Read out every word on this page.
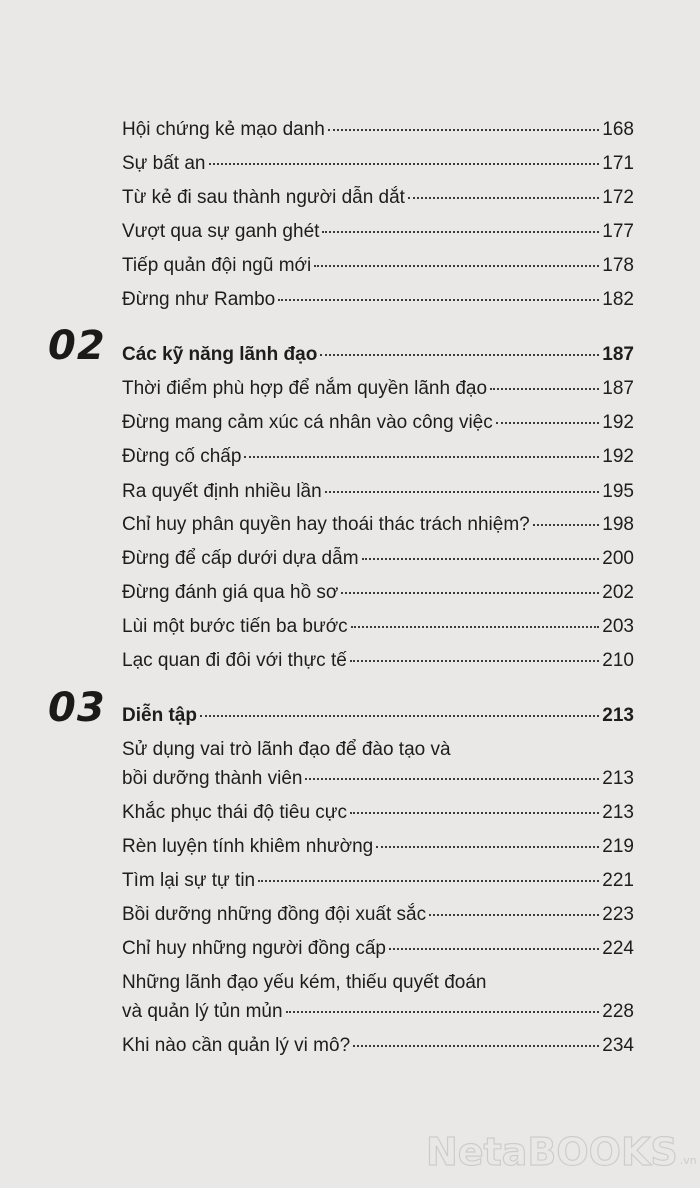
Hội chứng kẻ mạo danh	168
Sự bất an	171
Từ kẻ đi sau thành người dẫn dắt	172
Vượt qua sự ganh ghét	177
Tiếp quản đội ngũ mới	178
Đừng như Rambo	182
02 Các kỹ năng lãnh đạo	187
Thời điểm phù hợp để nắm quyền lãnh đạo	187
Đừng mang cảm xúc cá nhân vào công việc	192
Đừng cố chấp	192
Ra quyết định nhiều lần	195
Chỉ huy phân quyền hay thoái thác trách nhiệm?	198
Đừng để cấp dưới dựa dẫm	200
Đừng đánh giá qua hồ sơ	202
Lùi một bước tiến ba bước	203
Lạc quan đi đôi với thực tế	210
03 Diễn tập	213
Sử dụng vai trò lãnh đạo để đào tạo và
bồi dưỡng thành viên	213
Khắc phục thái độ tiêu cực	213
Rèn luyện tính khiêm nhường	219
Tìm lại sự tự tin	221
Bồi dưỡng những đồng đội xuất sắc	223
Chỉ huy những người đồng cấp	224
Những lãnh đạo yếu kém, thiếu quyết đoán
và quản lý tủn mủn	228
Khi nào cần quản lý vi mô?	234
NetaBOOKS .vn
